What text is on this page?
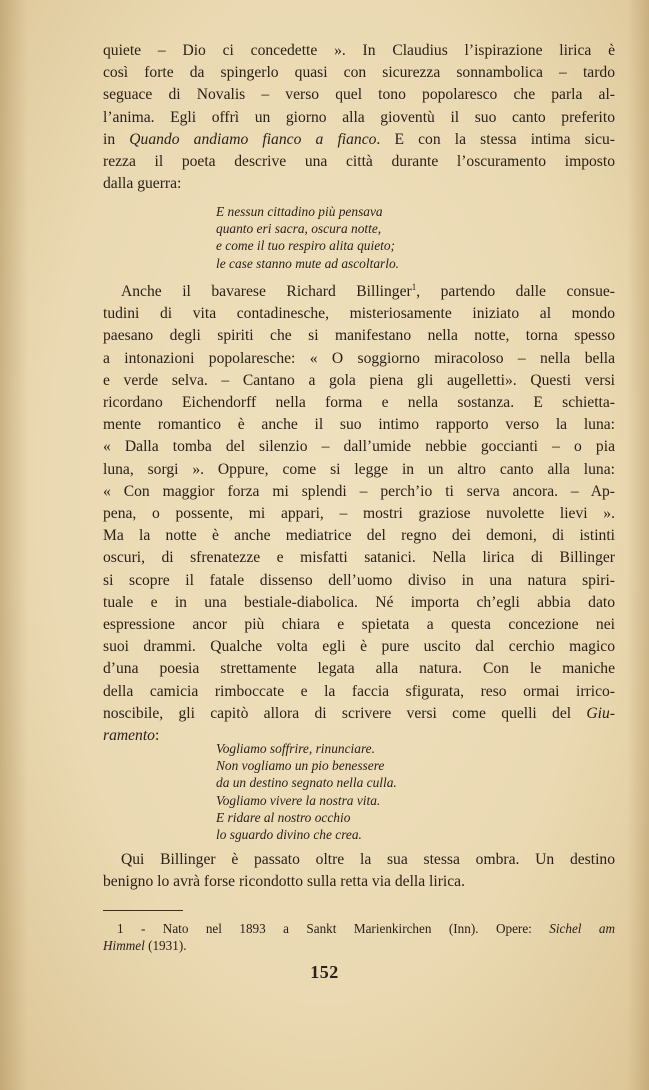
quiete – Dio ci concedette ». In Claudius l’ispirazione lirica è
così forte da spingerlo quasi con sicurezza sonnambolica – tardo
seguace di Novalis – verso quel tono popolaresco che parla al-
l’anima. Egli offrì un giorno alla gioventù il suo canto preferito
in Quando andiamo fianco a fianco. E con la stessa intima sicu-
rezza il poeta descrive una città durante l’oscuramento imposto
dalla guerra:
E nessun cittadino più pensava
quanto eri sacra, oscura notte,
e come il tuo respiro alita quieto;
le case stanno mute ad ascoltarlo.
Anche il bavarese Richard Billinger$^1$, partendo dalle consue-
tudini di vita contadinesche, misteriosamente iniziato al mondo
paesano degli spiriti che si manifestano nella notte, torna spesso
a intonazioni popolaresche: « O soggiorno miracoloso – nella bella
e verde selva. – Cantano a gola piena gli augelletti». Questi versi
ricordano Eichendorff nella forma e nella sostanza. E schietta-
mente romantico è anche il suo intimo rapporto verso la luna:
« Dalla tomba del silenzio – dall’umide nebbie goccianti – o pia
luna, sorgi ». Oppure, come si legge in un altro canto alla luna:
« Con maggior forza mi splendi – perch’io ti serva ancora. – Ap-
pena, o possente, mi appari, – mostri graziose nuvolette lievi ».
Ma la notte è anche mediatrice del regno dei demoni, di istinti
oscuri, di sfrenatezze e misfatti satanici. Nella lirica di Billinger
si scopre il fatale dissenso dell’uomo diviso in una natura spiri-
tuale e in una bestiale-diabolica. Né importa ch’egli abbia dato
espressione ancor più chiara e spietata a questa concezione nei
suoi drammi. Qualche volta egli è pure uscito dal cerchio magico
d’una poesia strettamente legata alla natura. Con le maniche
della camicia rimboccate e la faccia sfigurata, reso ormai irrico-
noscibile, gli capitò allora di scrivere versi come quelli del Giu-
ramento:
Vogliamo soffrire, rinunciare.
Non vogliamo un pio benessere
da un destino segnato nella culla.
Vogliamo vivere la nostra vita.
E ridare al nostro occhio
lo sguardo divino che crea.
Qui Billinger è passato oltre la sua stessa ombra. Un destino
benigno lo avrà forse ricondotto sulla retta via della lirica.
1 - Nato nel 1893 a Sankt Marienkirchen (Inn). Opere: Sichel am
Himmel (1931).
152
